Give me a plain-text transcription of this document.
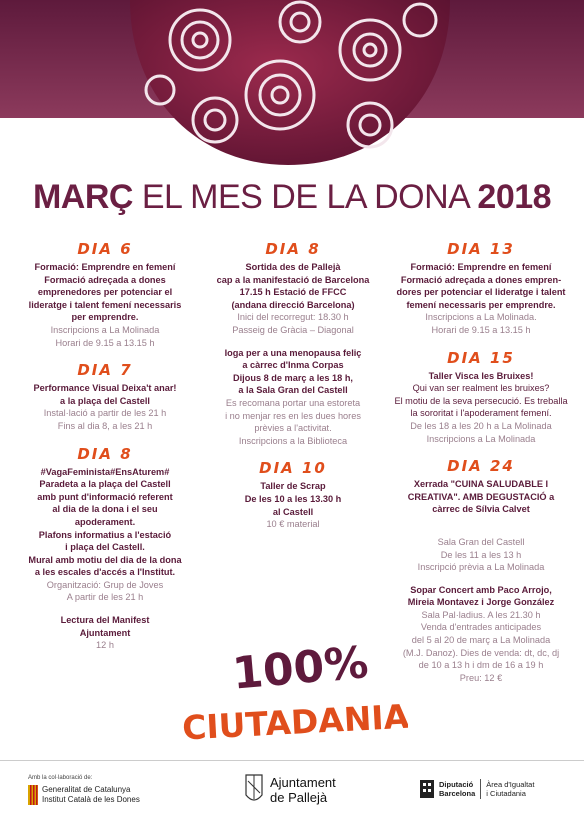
MARÇ EL MES DE LA DONA 2018
DIA 6
Formació: Emprendre en femení
Formació adreçada a dones
emprenedores per potenciar el
lideratge i talent femení necessaris
per emprendre.
Inscripcions a La Molinada
Horari de 9.15 a 13.15 h
DIA 7
Performance Visual Deixa't anar!
a la plaça del Castell
Instal·lació a partir de les 21 h
Fins al dia 8, a les 21 h
DIA 8
#VagaFeminista#EnsAturem#
Paradeta a la plaça del Castell
amb punt d'informació referent
al dia de la dona i el seu
apoderament.
Plafons informatius a l'estació
i plaça del Castell.
Mural amb motiu del dia de la dona
a les escales d'accés a l'Institut.
Organització: Grup de Joves
A partir de les 21 h
Lectura del Manifest
Ajuntament
12 h
DIA 8
Sortida des de Pallejà
cap a la manifestació de Barcelona
17.15 h Estació de FFCC
(andana direcció Barcelona)
Inici del recorregut: 18.30 h
Passeig de Gràcia – Diagonal
Ioga per a una menopausa feliç
a càrrec d'Inma Corpas
Dijous 8 de març a les 18 h,
a la Sala Gran del Castell
Es recomana portar una estoreta
i no menjar res en les dues hores
prèvies a l'activitat.
Inscripcions a la Biblioteca
DIA 10
Taller de Scrap
De les 10 a les 13.30 h
al Castell
10 € material
DIA 13
Formació: Emprendre en femení
Formació adreçada a dones empren-
dores per potenciar el lideratge i talent
femení necessaris per emprendre.
Inscripcions a La Molinada.
Horari de 9.15 a 13.15 h
DIA 15
Taller Visca les Bruixes!
Qui van ser realment les bruixes?
El motiu de la seva persecució. Es treballa
la sororitat i l'apoderament femení.
De les 18 a les 20 h a La Molinada
Inscripcions a La Molinada
DIA 24
Xerrada "CUINA SALUDABLE I
CREATIVA". AMB DEGUSTACIÓ a
càrrec de Sílvia Calvet
Sala Gran del Castell
De les 11 a les 13 h
Inscripció prèvia a La Molinada
Sopar Concert amb Paco Arrojo,
Mireia Montavez i Jorge González
Sala Pal·ladius. A les 21.30 h
Venda d'entrades anticipades
del 5 al 20 de març a La Molinada
(M.J. Danoz). Dies de venda: dt, dc, dj
de 10 a 13 h i dm de 16 a 19 h
Preu: 12 €
100%
CIUTADANIA
Amb la col·laboració de:
Generalitat de Catalunya
Institut Català de les Dones
Ajuntament
de Pallejà
Diputació
Barcelona
Àrea d'Igualtat
i Ciutadania
